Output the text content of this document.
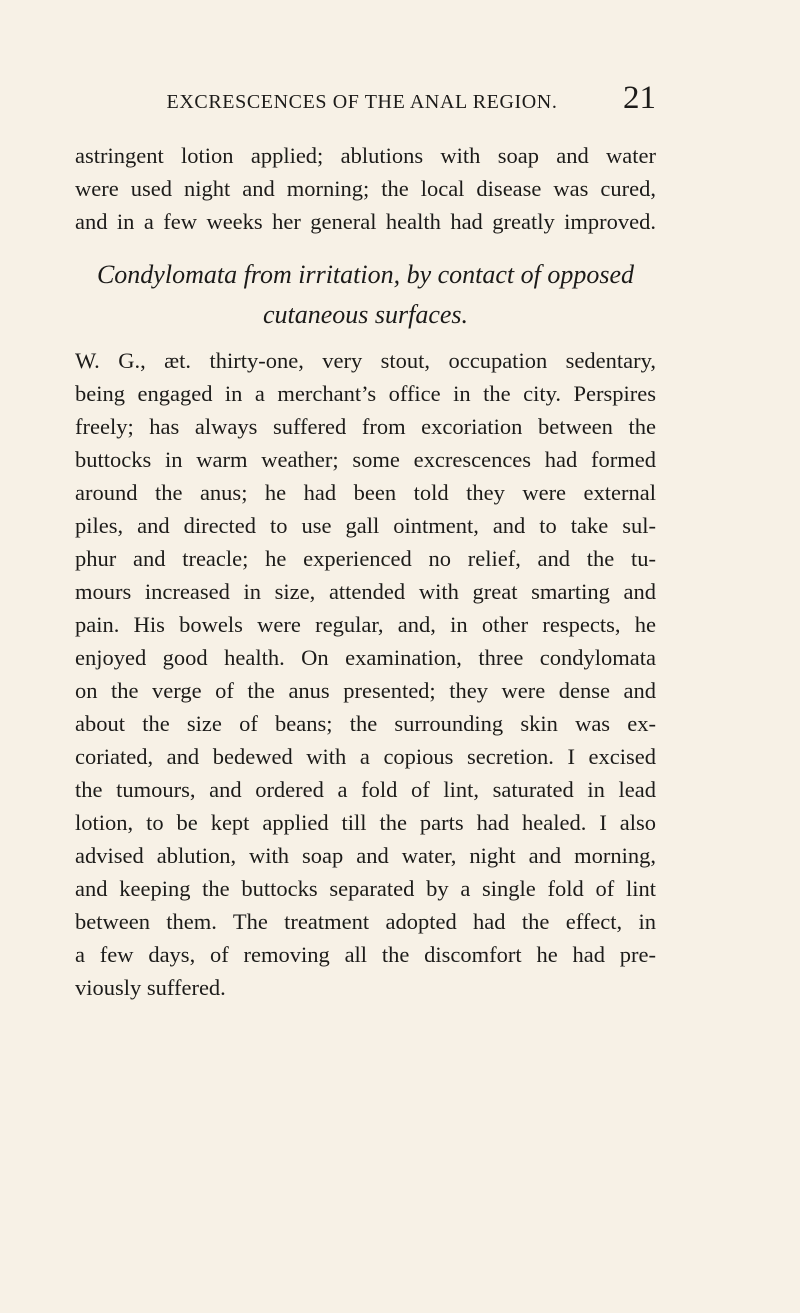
EXCRESCENCES OF THE ANAL REGION.	21
astringent lotion applied; ablutions with soap and water
were used night and morning; the local disease was cured,
and in a few weeks her general health had greatly improved.
Condylomata from irritation, by contact of opposed
cutaneous surfaces.
W. G., æt. thirty-one, very stout, occupation sedentary,
being engaged in a merchant’s office in the city. Perspires
freely; has always suffered from excoriation between the
buttocks in warm weather; some excrescences had formed
around the anus; he had been told they were external
piles, and directed to use gall ointment, and to take sul-
phur and treacle; he experienced no relief, and the tu-
mours increased in size, attended with great smarting and
pain. His bowels were regular, and, in other respects, he
enjoyed good health. On examination, three condylomata
on the verge of the anus presented; they were dense and
about the size of beans; the surrounding skin was ex-
coriated, and bedewed with a copious secretion. I excised
the tumours, and ordered a fold of lint, saturated in lead
lotion, to be kept applied till the parts had healed. I also
advised ablution, with soap and water, night and morning,
and keeping the buttocks separated by a single fold of lint
between them. The treatment adopted had the effect, in
a few days, of removing all the discomfort he had pre-
viously suffered.
